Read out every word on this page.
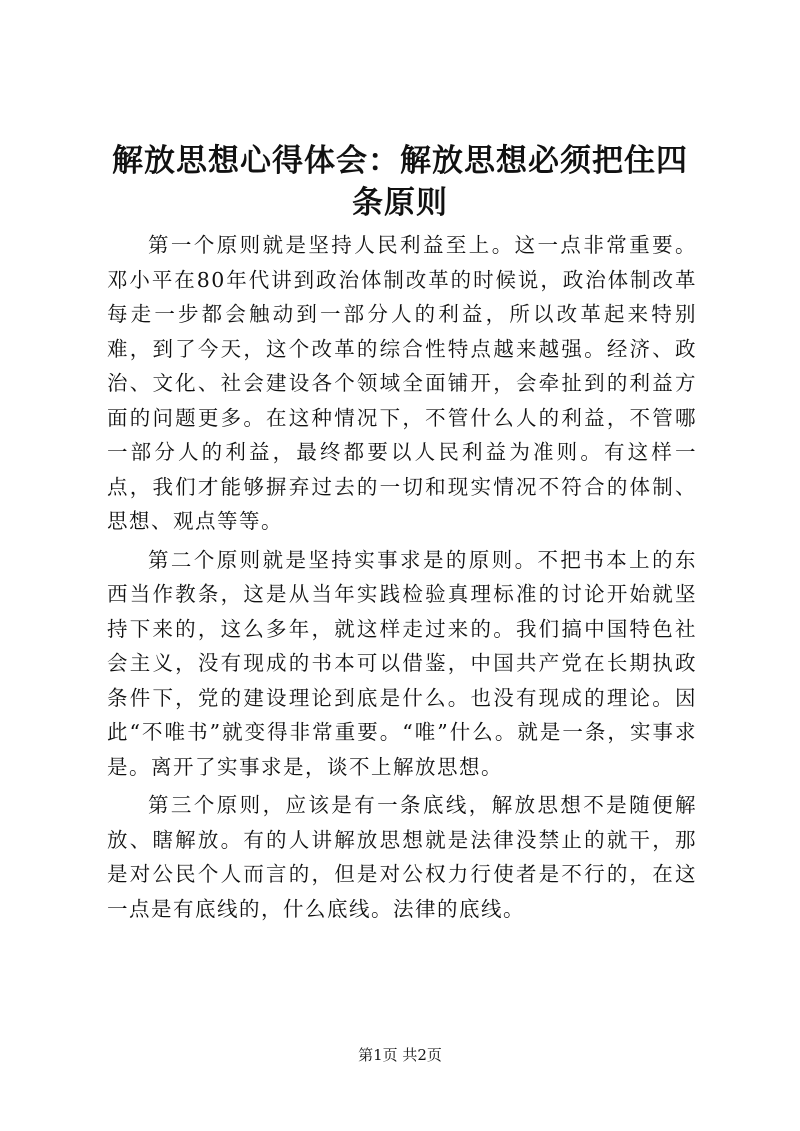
解放思想心得体会：解放思想必须把住四条原则

第一个原则就是坚持人民利益至上。这一点非常重要。邓小平在80年代讲到政治体制改革的时候说，政治体制改革每走一步都会触动到一部分人的利益，所以改革起来特别难，到了今天，这个改革的综合性特点越来越强。经济、政治、文化、社会建设各个领域全面铺开，会牵扯到的利益方面的问题更多。在这种情况下，不管什么人的利益，不管哪一部分人的利益，最终都要以人民利益为准则。有这样一点，我们才能够摒弃过去的一切和现实情况不符合的体制、思想、观点等等。

第二个原则就是坚持实事求是的原则。不把书本上的东西当作教条，这是从当年实践检验真理标准的讨论开始就坚持下来的，这么多年，就这样走过来的。我们搞中国特色社会主义，没有现成的书本可以借鉴，中国共产党在长期执政条件下，党的建设理论到底是什么。也没有现成的理论。因此“不唯书”就变得非常重要。“唯”什么。就是一条，实事求是。离开了实事求是，谈不上解放思想。

第三个原则，应该是有一条底线，解放思想不是随便解放、瞎解放。有的人讲解放思想就是法律没禁止的就干，那是对公民个人而言的，但是对公权力行使者是不行的，在这一点是有底线的，什么底线。法律的底线。

第1页 共2页
